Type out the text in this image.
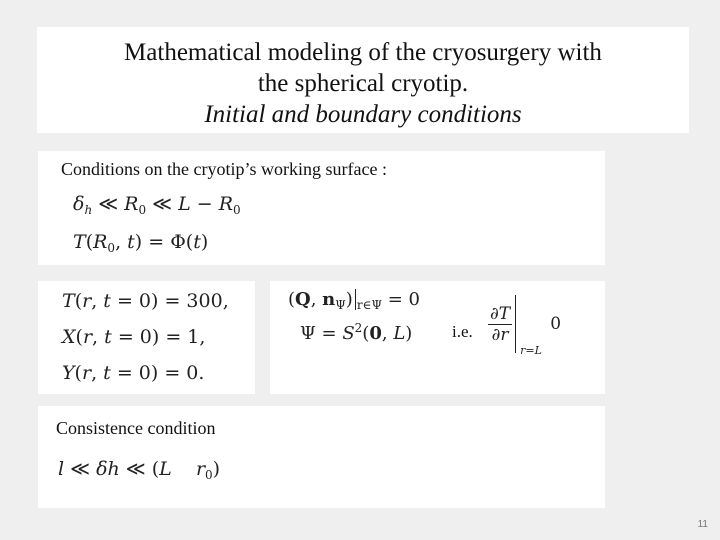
Mathematical modeling of the cryosurgery with
the spherical cryotip.
Initial and boundary conditions
Conditions on the cryotip’s working surface :
$\delta_h$ ≪ $R_0$ ≪ $L - R_0$
$T(R_0$, t) = Φ(t)
T(r, t = 0) = 300,
X(r, t = 0) = 1,
Y(r, t = 0) = 0.
(Q, $n_\Psi$) $_{r\in\Psi}$ = 0
$\Psi = S^2(0$, L) i.e. $\frac{\partial T}{\partial r}$
r=L
0
Consistence condition
l ≪ δh ≪ (L $r_0$)
11
